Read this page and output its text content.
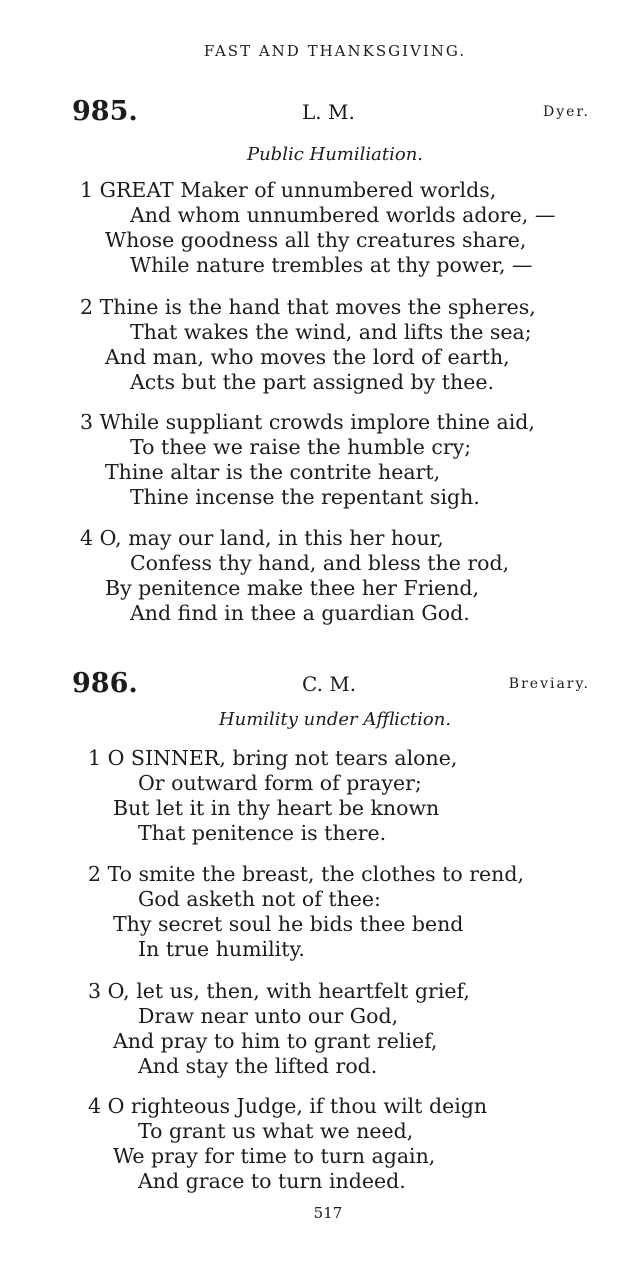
FAST AND THANKSGIVING.
985.	L. M.	Dyer.
Public Humiliation.
1 GREAT Maker of unnumbered worlds,
And whom unnumbered worlds adore, —
Whose goodness all thy creatures share,
While nature trembles at thy power, —
2 Thine is the hand that moves the spheres,
That wakes the wind, and lifts the sea;
And man, who moves the lord of earth,
Acts but the part assigned by thee.
3 While suppliant crowds implore thine aid,
To thee we raise the humble cry;
Thine altar is the contrite heart,
Thine incense the repentant sigh.
4 O, may our land, in this her hour,
Confess thy hand, and bless the rod,
By penitence make thee her Friend,
And find in thee a guardian God.
986.	C. M.	Breviary.
Humility under Affliction.
1 O SINNER, bring not tears alone,
Or outward form of prayer;
But let it in thy heart be known
That penitence is there.
2 To smite the breast, the clothes to rend,
God asketh not of thee:
Thy secret soul he bids thee bend
In true humility.
3 O, let us, then, with heartfelt grief,
Draw near unto our God,
And pray to him to grant relief,
And stay the lifted rod.
4 O righteous Judge, if thou wilt deign
To grant us what we need,
We pray for time to turn again,
And grace to turn indeed.
517
